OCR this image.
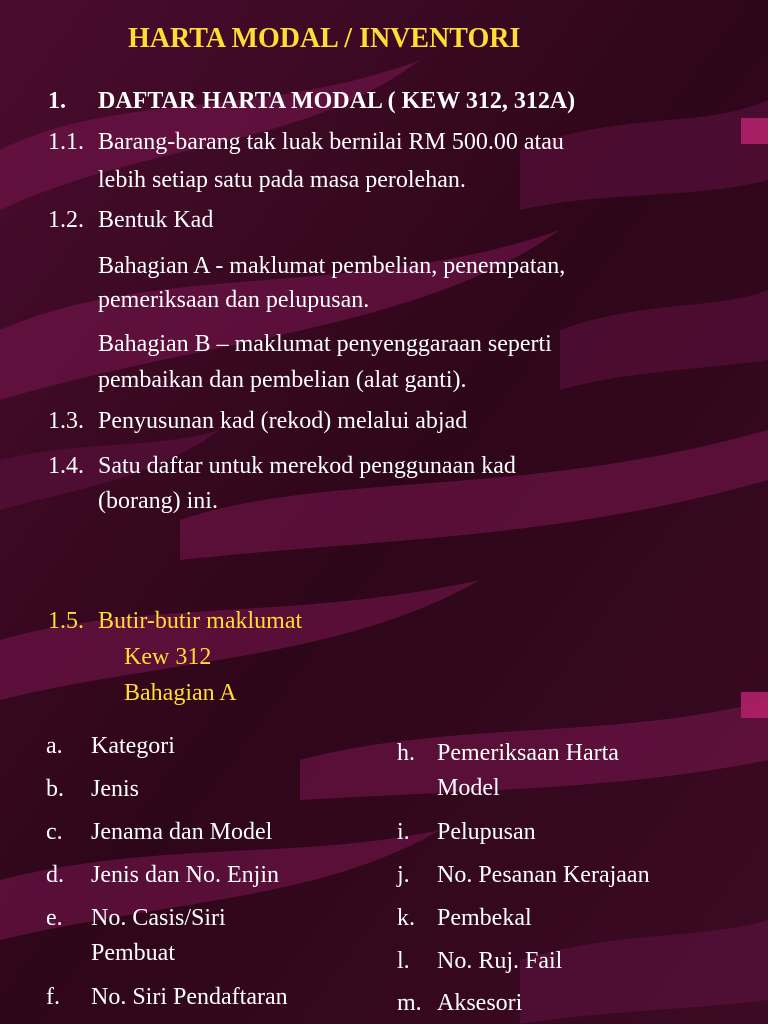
HARTA MODAL / INVENTORI
1. DAFTAR HARTA MODAL ( KEW 312, 312A)
1.1. Barang-barang tak luak bernilai RM 500.00 atau
lebih setiap satu pada masa perolehan.
1.2. Bentuk Kad
Bahagian A - maklumat pembelian, penempatan,
pemeriksaan dan pelupusan.
Bahagian B – maklumat penyenggaraan seperti
pembaikan dan pembelian (alat ganti).
1.3. Penyusunan kad (rekod) melalui abjad
1.4. Satu daftar untuk merekod penggunaan kad
(borang) ini.
1.5. Butir-butir maklumat
Kew 312
Bahagian A
a. Kategori
b. Jenis
c. Jenama dan Model
d. Jenis dan No. Enjin
e. No. Casis/Siri
Pembuat
f. No. Siri Pendaftaran
h. Pemeriksaan Harta
Model
i. Pelupusan
j. No. Pesanan Kerajaan
k. Pembekal
l. No. Ruj. Fail
m. Aksesori
